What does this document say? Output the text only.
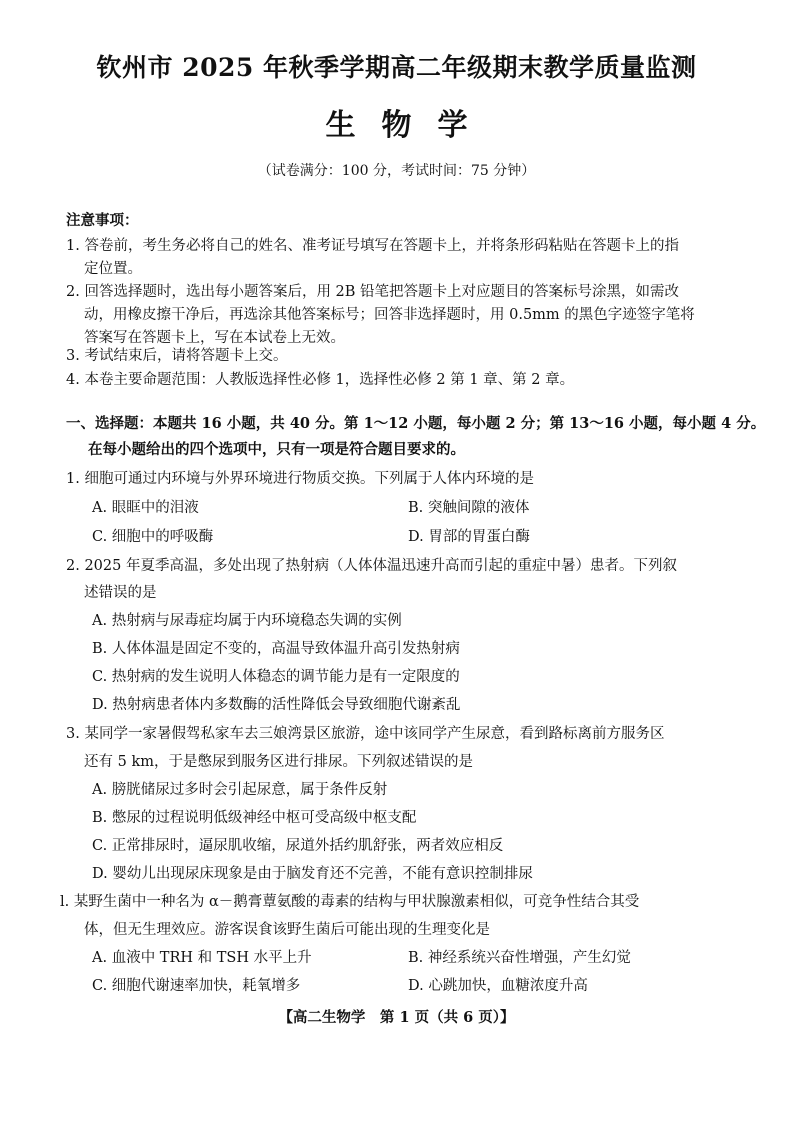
钦州市 2025 年秋季学期高二年级期末教学质量监测
生物学
（试卷满分：100 分，考试时间：75 分钟）
注意事项：
1. 答卷前，考生务必将自己的姓名、准考证号填写在答题卡上，并将条形码粘贴在答题卡上的指
定位置。
2. 回答选择题时，选出每小题答案后，用 2B 铅笔把答题卡上对应题目的答案标号涂黑，如需改
动，用橡皮擦干净后，再选涂其他答案标号；回答非选择题时，用 0.5mm 的黑色字迹签字笔将
答案写在答题卡上，写在本试卷上无效。
3. 考试结束后，请将答题卡上交。
4. 本卷主要命题范围：人教版选择性必修 1，选择性必修 2 第 1 章、第 2 章。
一、选择题：本题共 16 小题，共 40 分。第 1～12 小题，每小题 2 分；第 13～16 小题，每小题 4 分。
在每小题给出的四个选项中，只有一项是符合题目要求的。
1. 细胞可通过内环境与外界环境进行物质交换。下列属于人体内环境的是
A. 眼眶中的泪液	B. 突触间隙的液体
C. 细胞中的呼吸酶	D. 胃部的胃蛋白酶
2. 2025 年夏季高温，多处出现了热射病（人体体温迅速升高而引起的重症中暑）患者。下列叙
述错误的是
A. 热射病与尿毒症均属于内环境稳态失调的实例
B. 人体体温是固定不变的，高温导致体温升高引发热射病
C. 热射病的发生说明人体稳态的调节能力是有一定限度的
D. 热射病患者体内多数酶的活性降低会导致细胞代谢紊乱
3. 某同学一家暑假驾私家车去三娘湾景区旅游，途中该同学产生尿意，看到路标离前方服务区
还有 5 km，于是憋尿到服务区进行排尿。下列叙述错误的是
A. 膀胱储尿过多时会引起尿意，属于条件反射
B. 憋尿的过程说明低级神经中枢可受高级中枢支配
C. 正常排尿时，逼尿肌收缩，尿道外括约肌舒张，两者效应相反
D. 婴幼儿出现尿床现象是由于脑发育还不完善，不能有意识控制排尿
l. 某野生菌中一种名为 α－鹅膏蕈氨酸的毒素的结构与甲状腺激素相似，可竞争性结合其受
体，但无生理效应。游客误食该野生菌后可能出现的生理变化是
A. 血液中 TRH 和 TSH 水平上升	B. 神经系统兴奋性增强，产生幻觉
C. 细胞代谢速率加快，耗氧增多	D. 心跳加快，血糖浓度升高
【高二生物学　第 1 页（共 6 页）】
